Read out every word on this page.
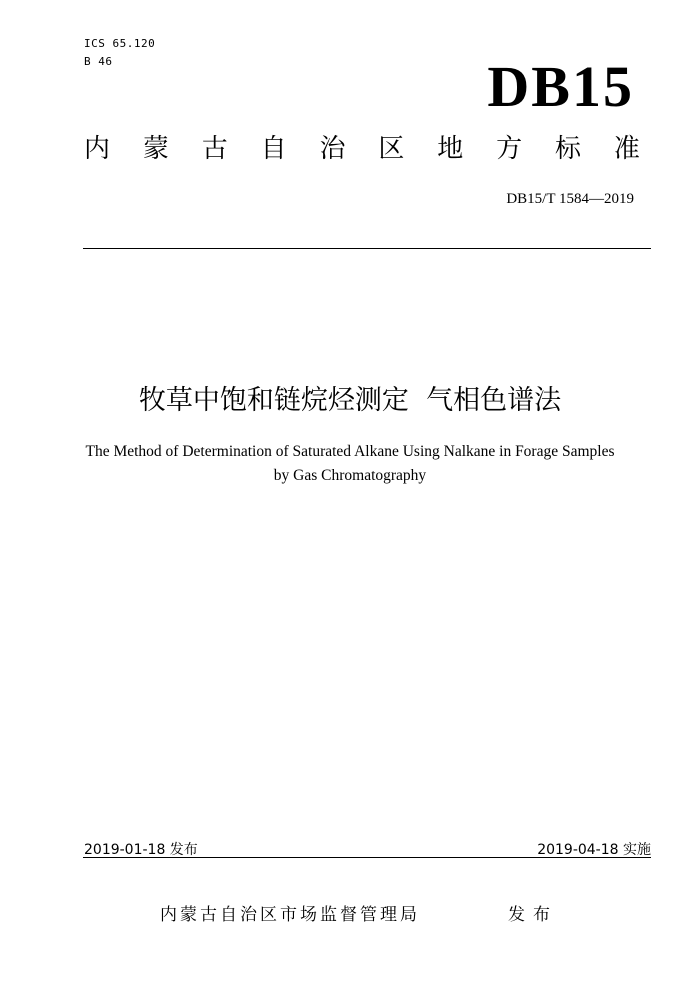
ICS 65.120
B 46	DB15
内 蒙 古 自 治 区 地 方 标 准
DB15/T 1584—2019
牧草中饱和链烷烃测定  气相色谱法
The Method of Determination of Saturated Alkane Using Nalkane in Forage Samples
by Gas Chromatography
2019-01-18 发布	2019-04-18 实施
内蒙古自治区市场监督管理局	发布
